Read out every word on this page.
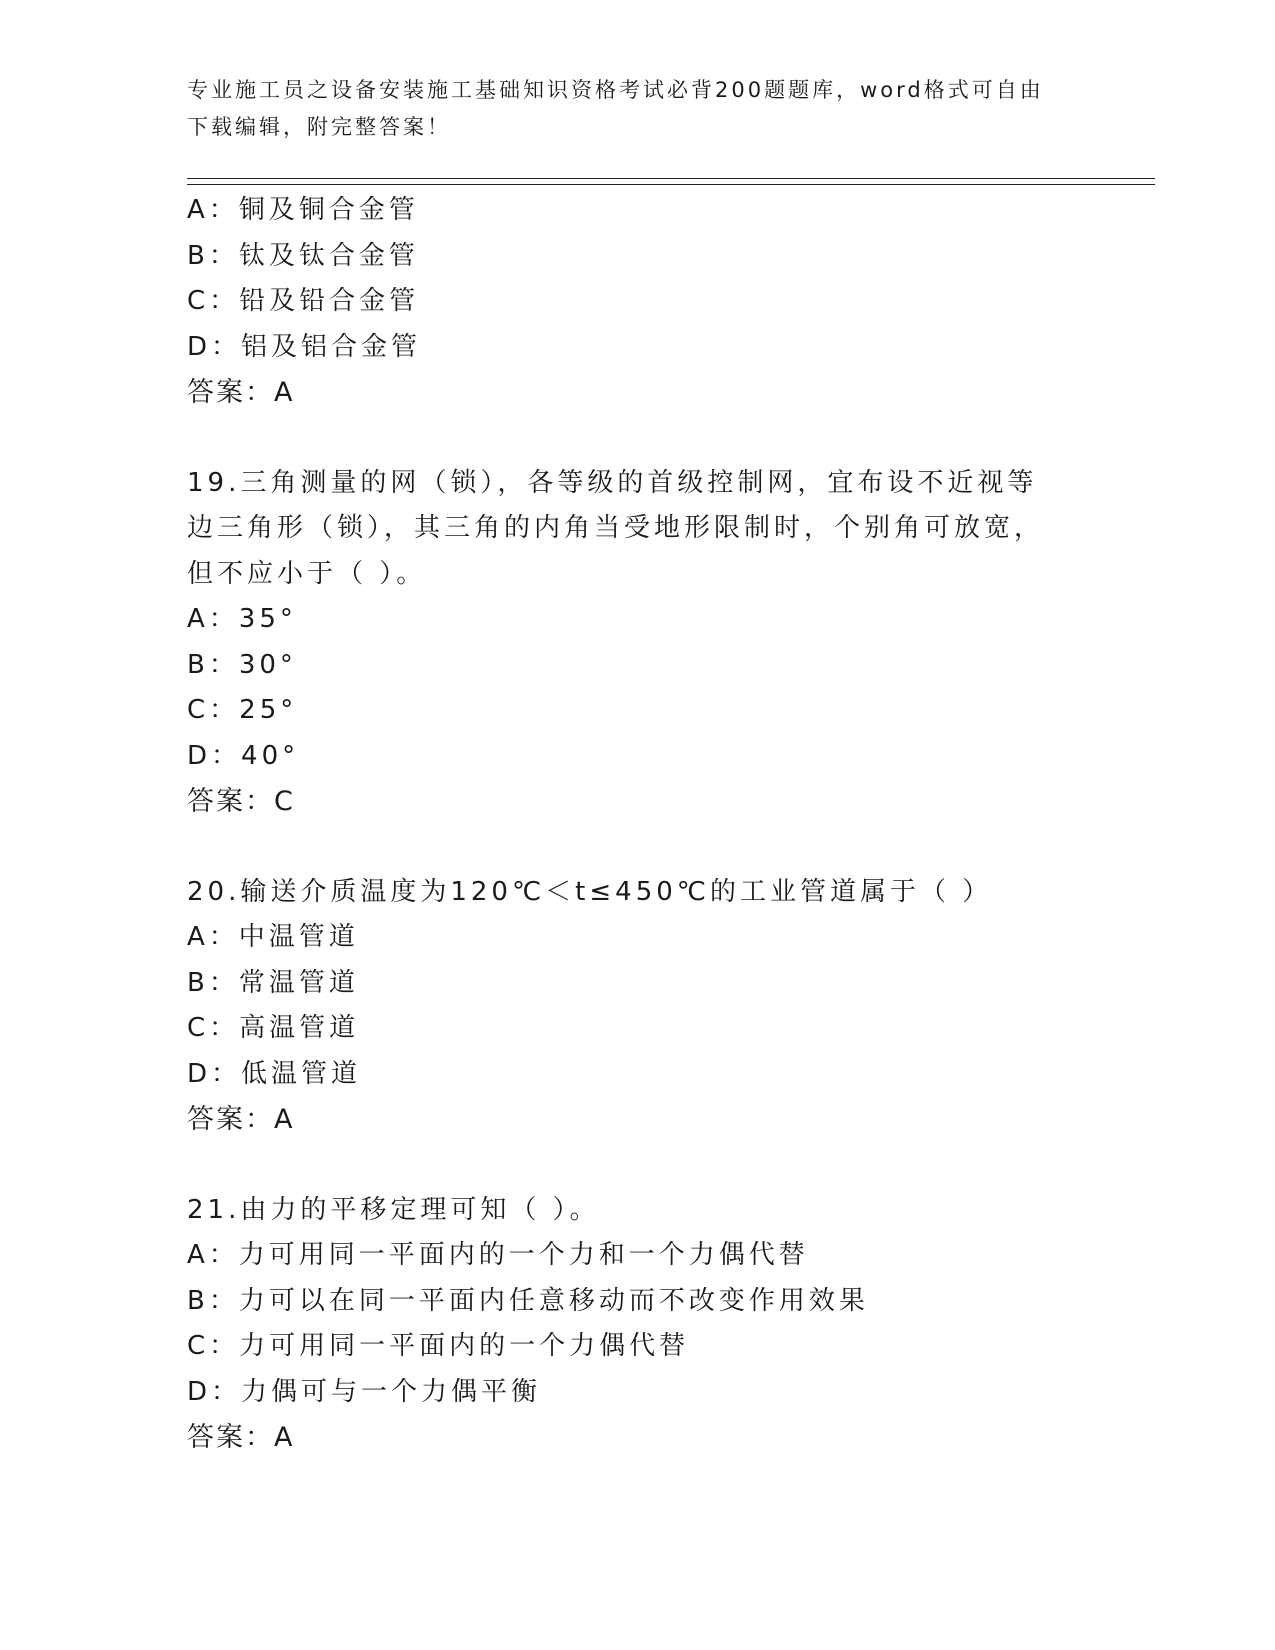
专业施工员之设备安装施工基础知识资格考试必背200题题库，word格式可自由下载编辑，附完整答案！
A：铜及铜合金管
B：钛及钛合金管
C：铅及铅合金管
D：铝及铝合金管
答案：A
19.三角测量的网（锁），各等级的首级控制网，宜布设不近视等边三角形（锁），其三角的内角当受地形限制时，个别角可放宽，但不应小于（ ）。
A：35°
B：30°
C：25°
D：40°
答案：C
20.输送介质温度为120℃＜t≤450℃的工业管道属于（ ）
A：中温管道
B：常温管道
C：高温管道
D：低温管道
答案：A
21.由力的平移定理可知（ ）。
A：力可用同一平面内的一个力和一个力偶代替
B：力可以在同一平面内任意移动而不改变作用效果
C：力可用同一平面内的一个力偶代替
D：力偶可与一个力偶平衡
答案：A
